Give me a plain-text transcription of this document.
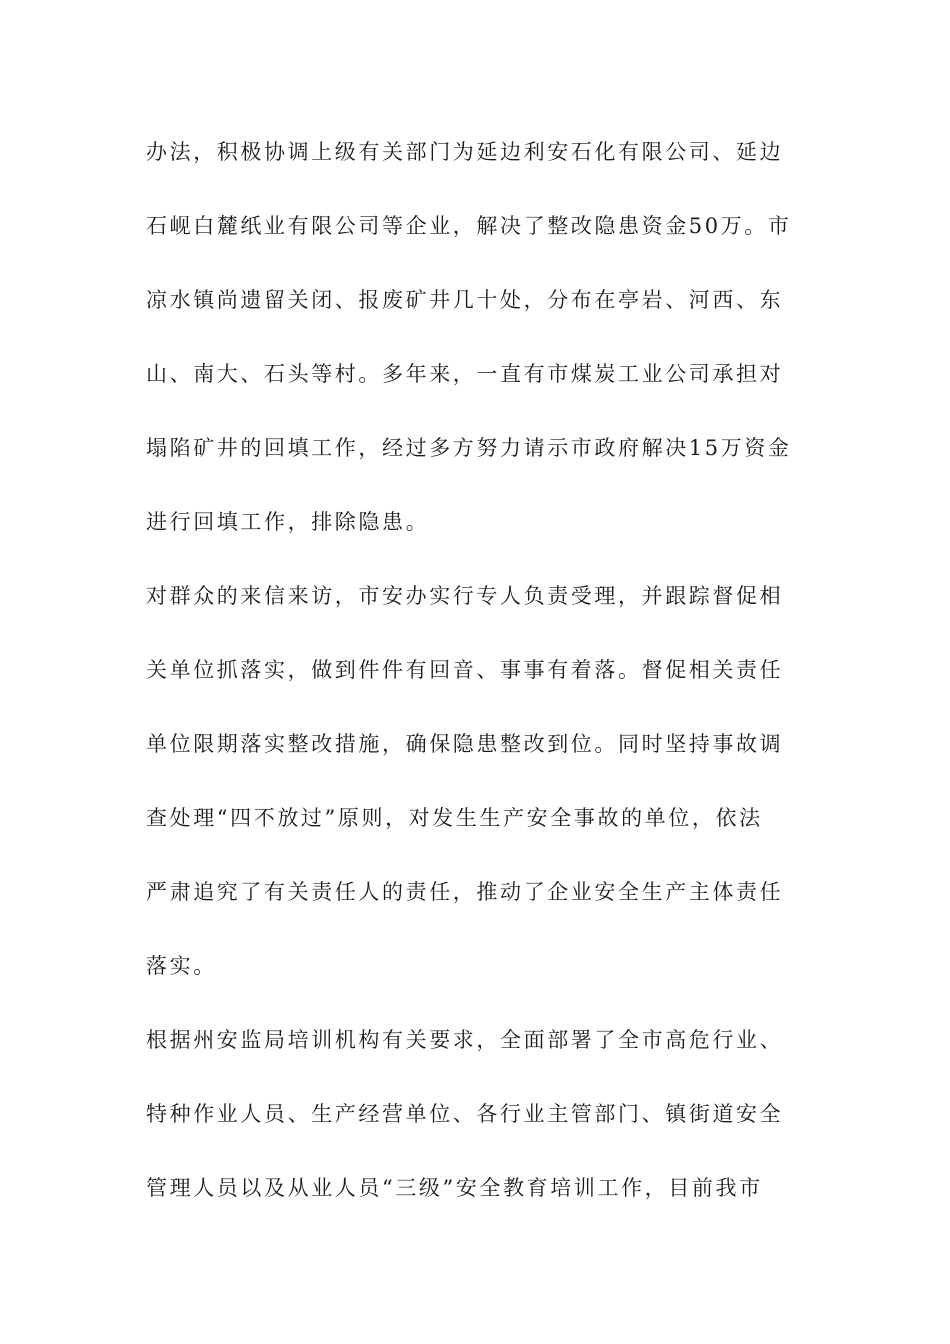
办法，积极协调上级有关部门为延边利安石化有限公司、延边
石岘白麓纸业有限公司等企业，解决了整改隐患资金50万。市
凉水镇尚遗留关闭、报废矿井几十处，分布在亭岩、河西、东
山、南大、石头等村。多年来，一直有市煤炭工业公司承担对
塌陷矿井的回填工作，经过多方努力请示市政府解决15万资金
进行回填工作，排除隐患。
对群众的来信来访，市安办实行专人负责受理，并跟踪督促相
关单位抓落实，做到件件有回音、事事有着落。督促相关责任
单位限期落实整改措施，确保隐患整改到位。同时坚持事故调
查处理“四不放过”原则，对发生生产安全事故的单位，依法
严肃追究了有关责任人的责任，推动了企业安全生产主体责任
落实。
根据州安监局培训机构有关要求，全面部署了全市高危行业、
特种作业人员、生产经营单位、各行业主管部门、镇街道安全
管理人员以及从业人员“三级”安全教育培训工作，目前我市
